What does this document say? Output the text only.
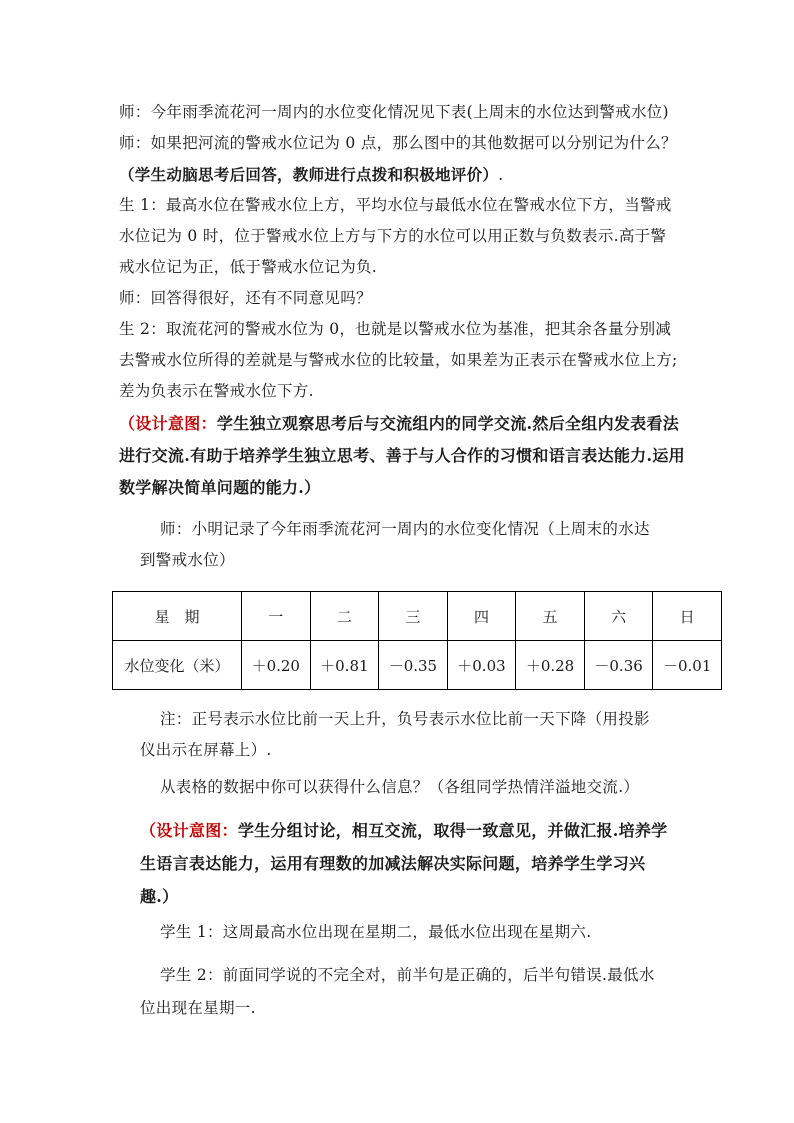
师：今年雨季流花河一周内的水位变化情况见下表(上周末的水位达到警戒水位)

师：如果把河流的警戒水位记为 0 点，那么图中的其他数据可以分别记为什么？

（学生动脑思考后回答，教师进行点拨和积极地评价）.

生 1：最高水位在警戒水位上方，平均水位与最低水位在警戒水位下方，当警戒

水位记为 0 时，位于警戒水位上方与下方的水位可以用正数与负数表示.高于警

戒水位记为正，低于警戒水位记为负.

师：回答得很好，还有不同意见吗？

生 2：取流花河的警戒水位为 0，也就是以警戒水位为基准，把其余各量分别减

去警戒水位所得的差就是与警戒水位的比较量，如果差为正表示在警戒水位上方;

差为负表示在警戒水位下方.

（设计意图：学生独立观察思考后与交流组内的同学交流.然后全组内发表看法

进行交流.有助于培养学生独立思考、善于与人合作的习惯和语言表达能力.运用

数学解决简单问题的能力.）

师：小明记录了今年雨季流花河一周内的水位变化情况（上周末的水达

到警戒水位）

星　期	一	二	三	四	五	六	日
水位变化（米）	＋0.20	＋0.81	－0.35	＋0.03	＋0.28	－0.36	－0.01

注：正号表示水位比前一天上升，负号表示水位比前一天下降（用投影

仪出示在屏幕上）.

从表格的数据中你可以获得什么信息？（各组同学热情洋溢地交流.）

（设计意图：学生分组讨论，相互交流，取得一致意见，并做汇报.培养学

生语言表达能力，运用有理数的加减法解决实际问题，培养学生学习兴

趣.）

学生 1：这周最高水位出现在星期二，最低水位出现在星期六.

学生 2：前面同学说的不完全对，前半句是正确的，后半句错误.最低水

位出现在星期一.
